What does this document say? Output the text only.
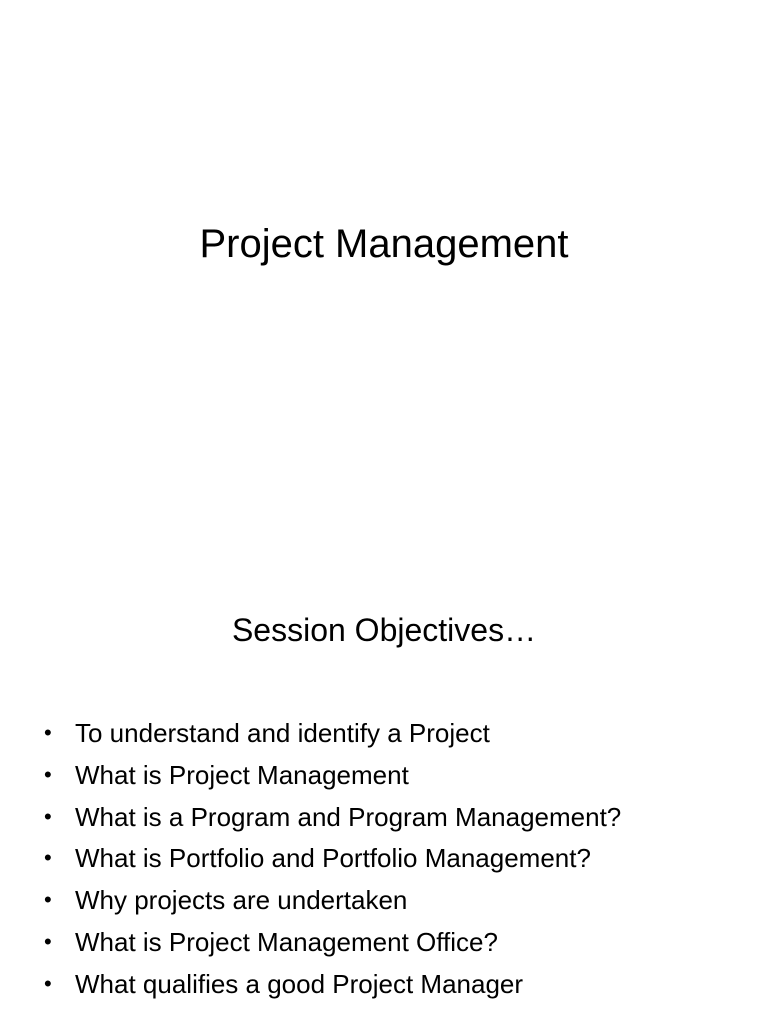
Project Management
Session Objectives…
• To understand and identify a Project
• What is Project Management
• What is a Program and Program Management?
• What is Portfolio and Portfolio Management?
• Why projects are undertaken
• What is Project Management Office?
• What qualifies a good Project Manager
